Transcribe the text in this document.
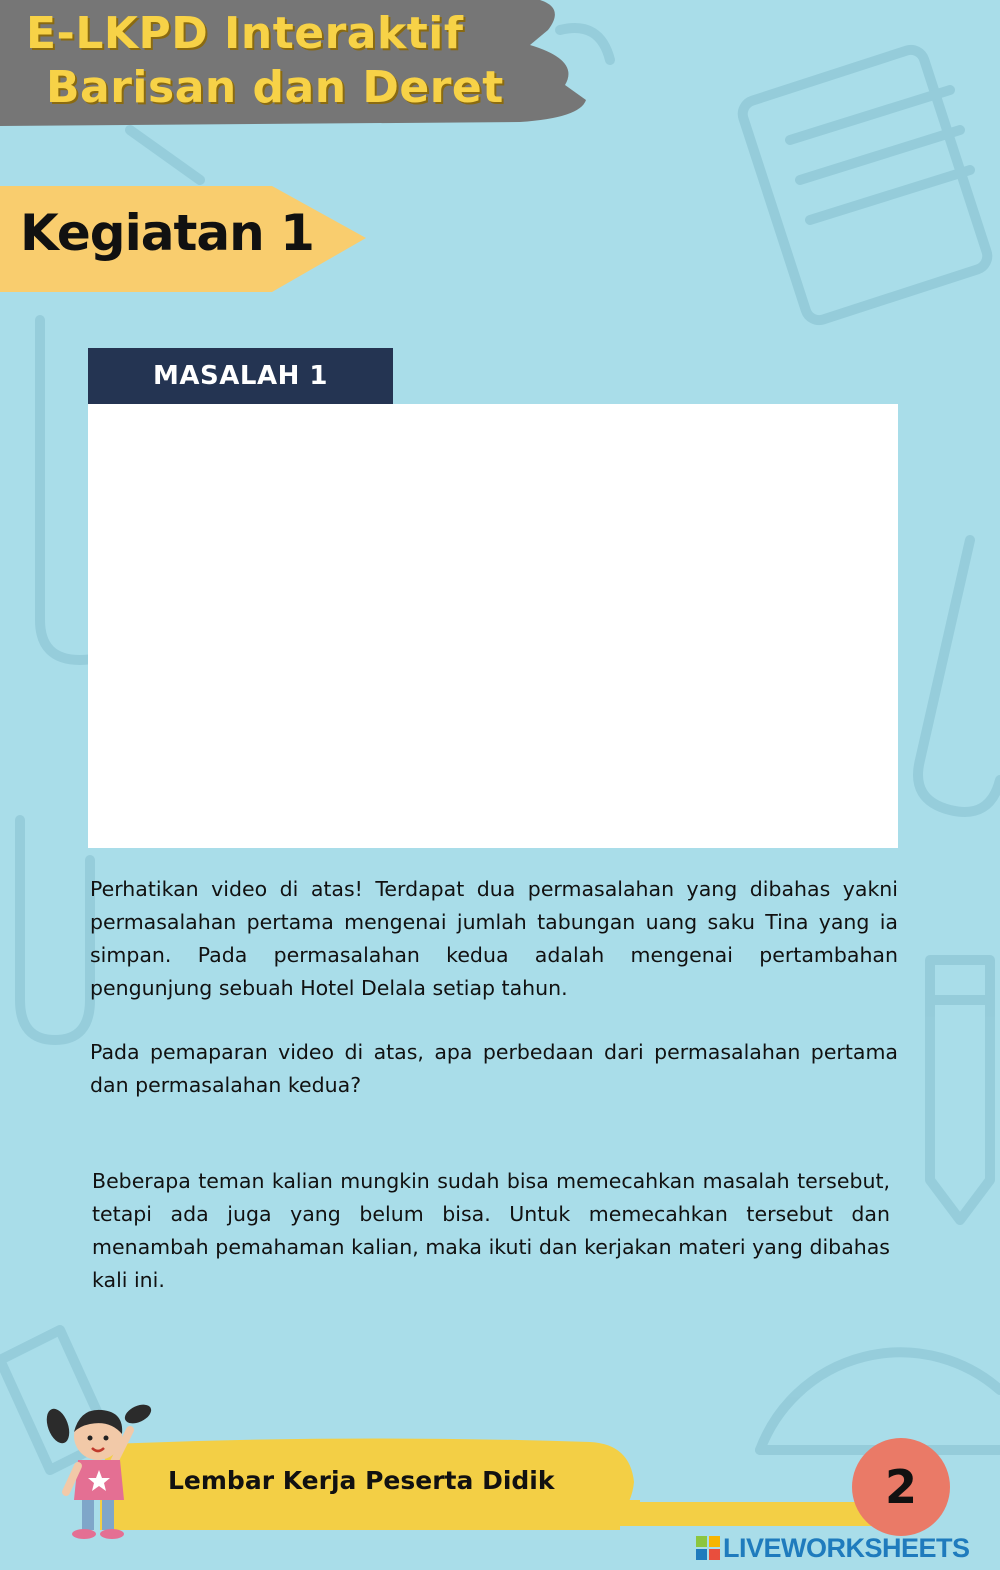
E-LKPD Interaktif
Barisan dan Deret
Kegiatan 1
MASALAH 1

Perhatikan video di atas! Terdapat dua permasalahan yang dibahas yakni permasalahan pertama mengenai jumlah tabungan uang saku Tina yang ia simpan. Pada permasalahan kedua adalah mengenai pertambahan pengunjung sebuah Hotel Delala setiap tahun.

Pada pemaparan video di atas, apa perbedaan dari permasalahan pertama dan permasalahan kedua?

Beberapa teman kalian mungkin sudah bisa memecahkan masalah tersebut, tetapi ada juga yang belum bisa. Untuk memecahkan tersebut dan menambah pemahaman kalian, maka ikuti dan kerjakan materi yang dibahas kali ini.

Lembar Kerja Peserta Didik	2
LIVEWORKSHEETS
